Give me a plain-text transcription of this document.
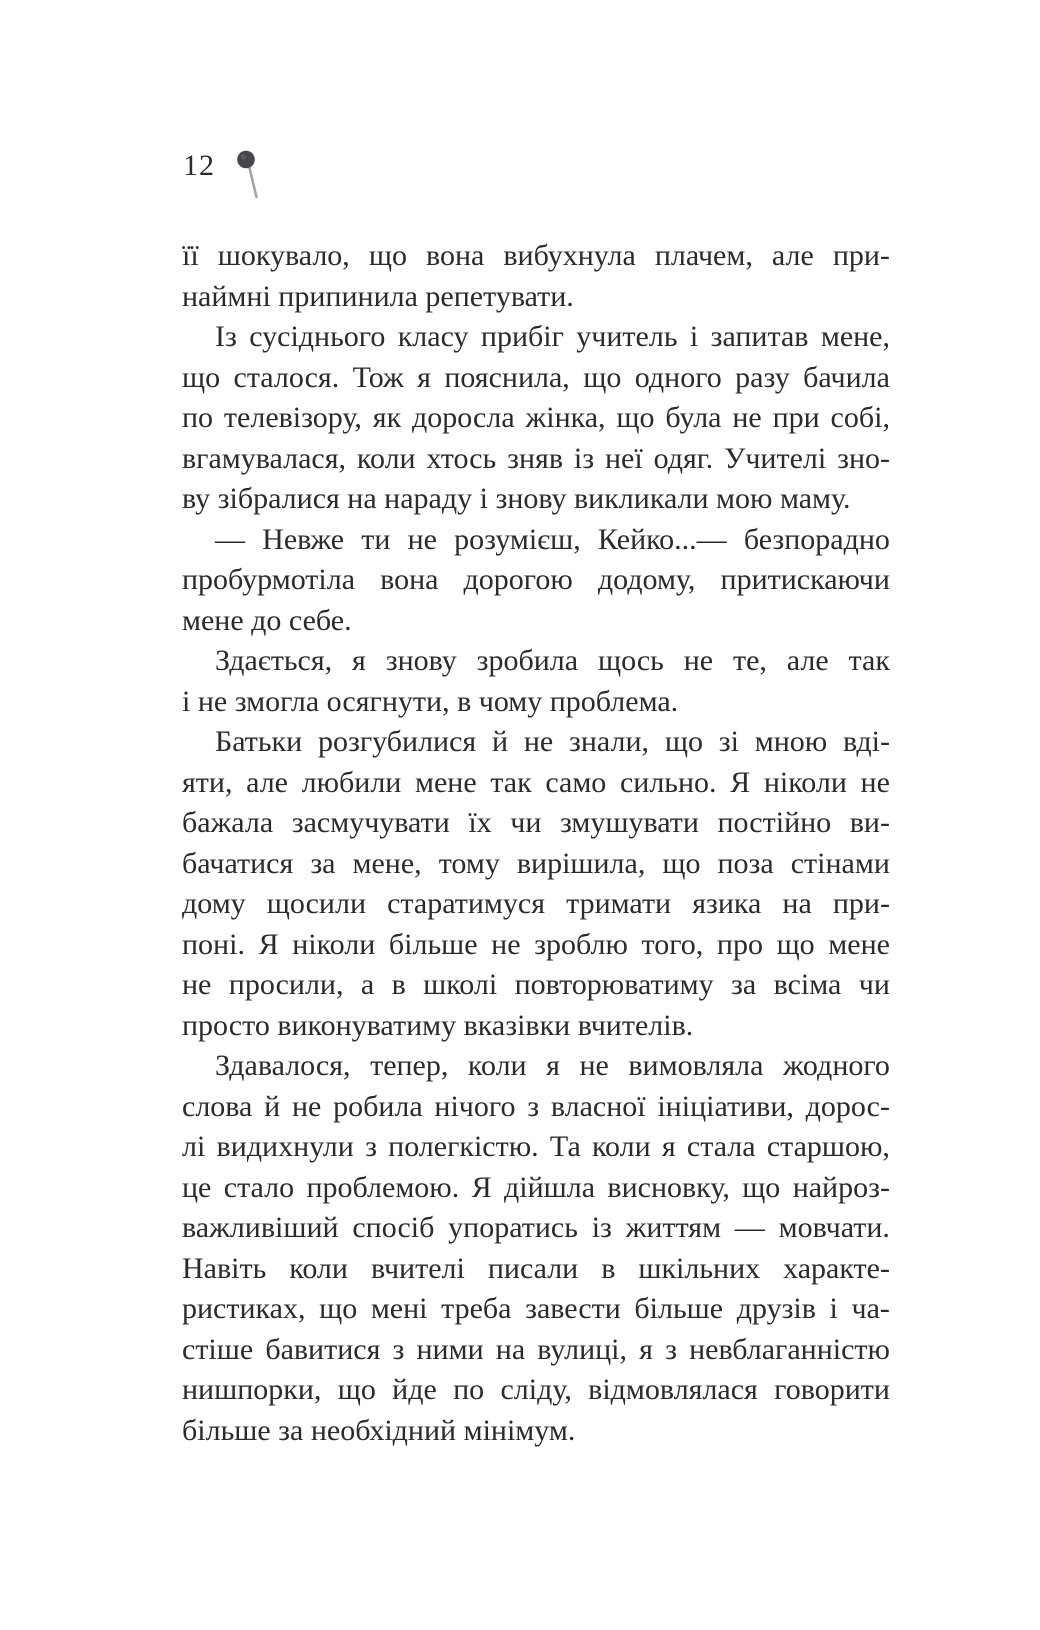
12
її шокувало, що вона вибухнула плачем, але при-
наймні припинила репетувати.
Із сусіднього класу прибіг учитель і запитав мене,
що сталося. Тож я пояснила, що одного разу бачила
по телевізору, як доросла жінка, що була не при собі,
вгамувалася, коли хтось зняв із неї одяг. Учителі зно-
ву зібралися на нараду і знову викликали мою маму.
— Невже ти не розумієш, Кейко...— безпорадно
пробурмотіла вона дорогою додому, притискаючи
мене до себе.
Здається, я знову зробила щось не те, але так
і не змогла осягнути, в чому проблема.
Батьки розгубилися й не знали, що зі мною вді-
яти, але любили мене так само сильно. Я ніколи не
бажала засмучувати їх чи змушувати постійно ви-
бачатися за мене, тому вирішила, що поза стінами
дому щосили старатимуся тримати язика на при-
поні. Я ніколи більше не зроблю того, про що мене
не просили, а в школі повторюватиму за всіма чи
просто виконуватиму вказівки вчителів.
Здавалося, тепер, коли я не вимовляла жодного
слова й не робила нічого з власної ініціативи, дорос-
лі видихнули з полегкістю. Та коли я стала старшою,
це стало проблемою. Я дійшла висновку, що найроз-
важливіший спосіб упоратись із життям — мовчати.
Навіть коли вчителі писали в шкільних характе-
ристиках, що мені треба завести більше друзів і ча-
стіше бавитися з ними на вулиці, я з невблаганністю
нишпорки, що йде по сліду, відмовлялася говорити
більше за необхідний мінімум.
